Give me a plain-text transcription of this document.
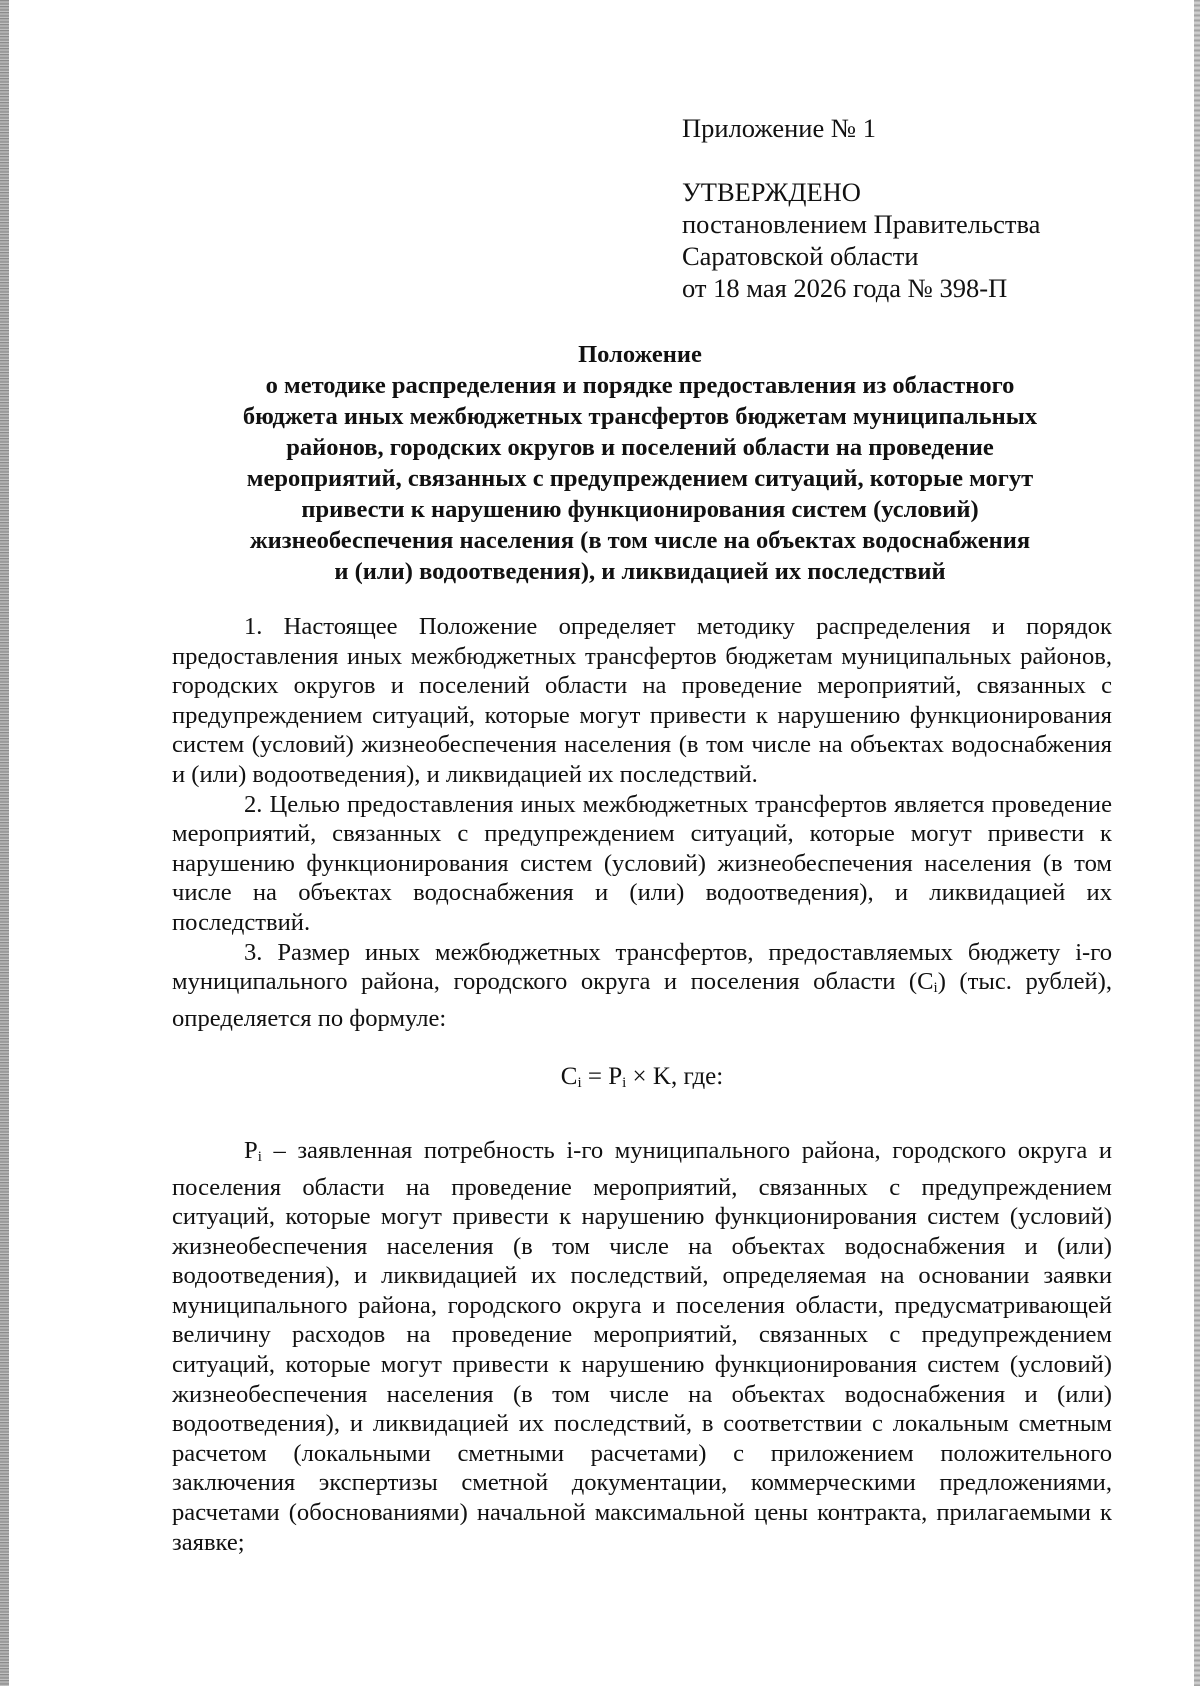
Приложение № 1
УТВЕРЖДЕНО
постановлением Правительства
Саратовской области
от 18 мая 2026 года № 398-П
Положение
о методике распределения и порядке предоставления из областного
бюджета иных межбюджетных трансфертов бюджетам муниципальных
районов, городских округов и поселений области на проведение
мероприятий, связанных с предупреждением ситуаций, которые могут
привести к нарушению функционирования систем (условий)
жизнеобеспечения населения (в том числе на объектах водоснабжения
и (или) водоотведения), и ликвидацией их последствий

1. Настоящее Положение определяет методику распределения и порядок предоставления иных межбюджетных трансфертов бюджетам муниципальных районов, городских округов и поселений области на проведение мероприятий, связанных с предупреждением ситуаций, которые могут привести к нарушению функционирования систем (условий) жизнеобеспечения населения (в том числе на объектах водоснабжения и (или) водоотведения), и ликвидацией их последствий.

2. Целью предоставления иных межбюджетных трансфертов является проведение мероприятий, связанных с предупреждением ситуаций, которые могут привести к нарушению функционирования систем (условий) жизнеобеспечения населения (в том числе на объектах водоснабжения и (или) водоотведения), и ликвидацией их последствий.

3. Размер иных межбюджетных трансфертов, предоставляемых бюджету i-го муниципального района, городского округа и поселения области $(C_i)$ (тыс. рублей), определяется по формуле:

$C_i = P_i \times K$, где:

$P_i$ – заявленная потребность i-го муниципального района, городского округа и поселения области на проведение мероприятий, связанных с предупреждением ситуаций, которые могут привести к нарушению функционирования систем (условий) жизнеобеспечения населения (в том числе на объектах водоснабжения и (или) водоотведения), и ликвидацией их последствий, определяемая на основании заявки муниципального района, городского округа и поселения области, предусматривающей величину расходов на проведение мероприятий, связанных с предупреждением ситуаций, которые могут привести к нарушению функционирования систем (условий) жизнеобеспечения населения (в том числе на объектах водоснабжения и (или) водоотведения), и ликвидацией их последствий, в соответствии с локальным сметным расчетом (локальными сметными расчетами) с приложением положительного заключения экспертизы сметной документации, коммерческими предложениями, расчетами (обоснованиями) начальной максимальной цены контракта, прилагаемыми к заявке;
